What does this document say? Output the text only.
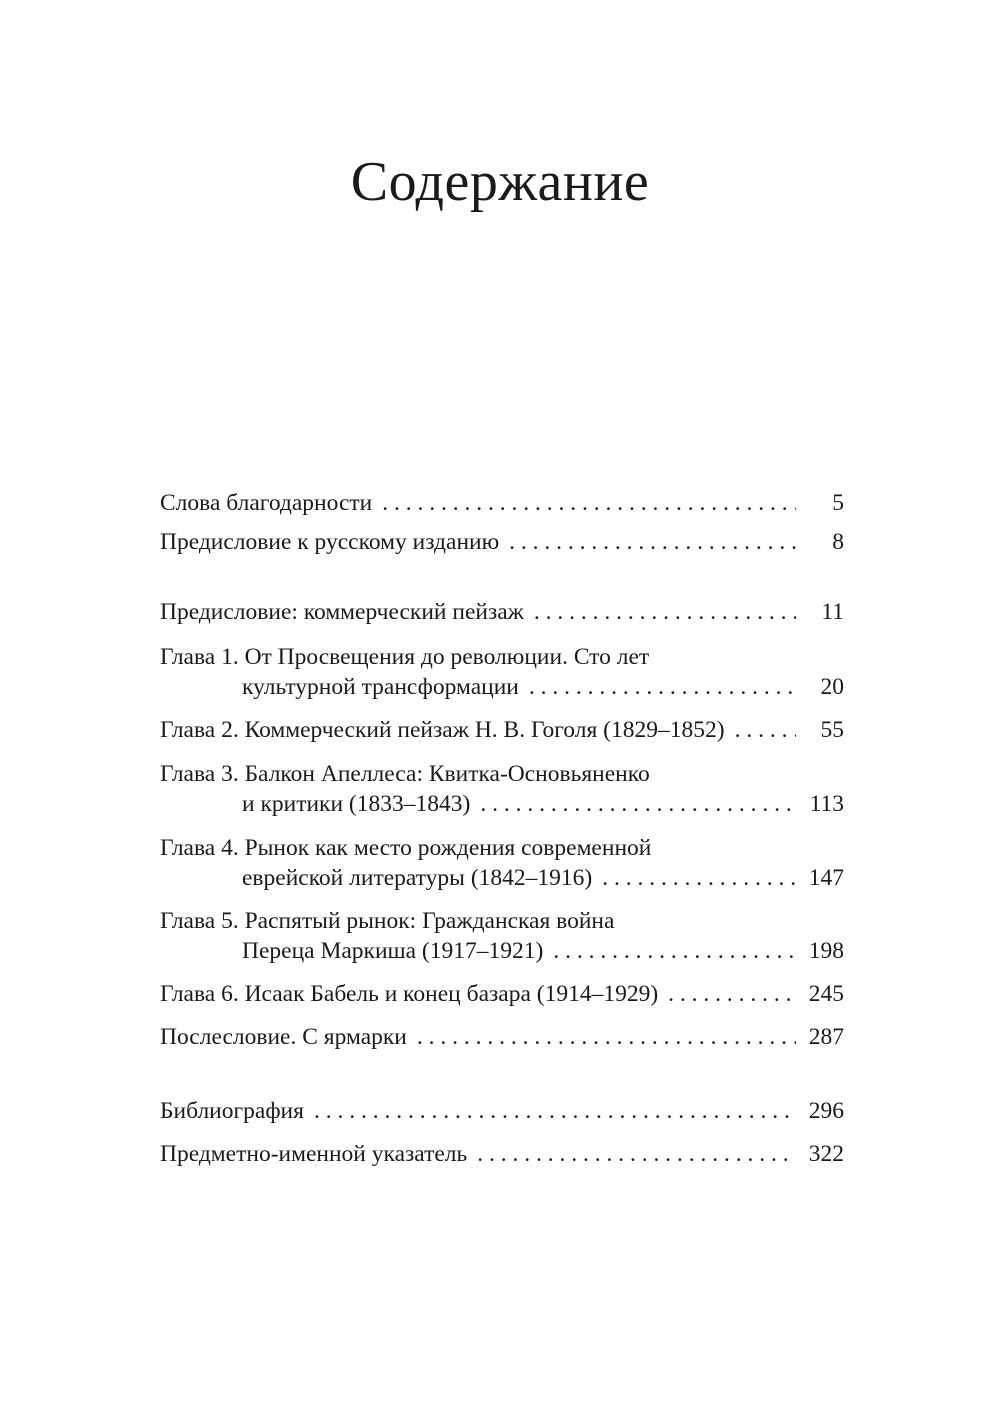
Содержание
Слова благодарности . . .	5
Предисловие к русскому изданию . . .	8
Предисловие: коммерческий пейзаж . . .	11
Глава 1. От Просвещения до революции. Сто лет
культурной трансформации . . .	20
Глава 2. Коммерческий пейзаж Н. В. Гоголя (1829–1852) . . .	55
Глава 3. Балкон Апеллеса: Квитка-Основьяненко
и критики (1833–1843) . . .	113
Глава 4. Рынок как место рождения современной
еврейской литературы (1842–1916) . . .	147
Глава 5. Распятый рынок: Гражданская война
Переца Маркиша (1917–1921) . . .	198
Глава 6. Исаак Бабель и конец базара (1914–1929) . . .	245
Послесловие. С ярмарки . . .	287
Библиография . . .	296
Предметно-именной указатель . . .	322
